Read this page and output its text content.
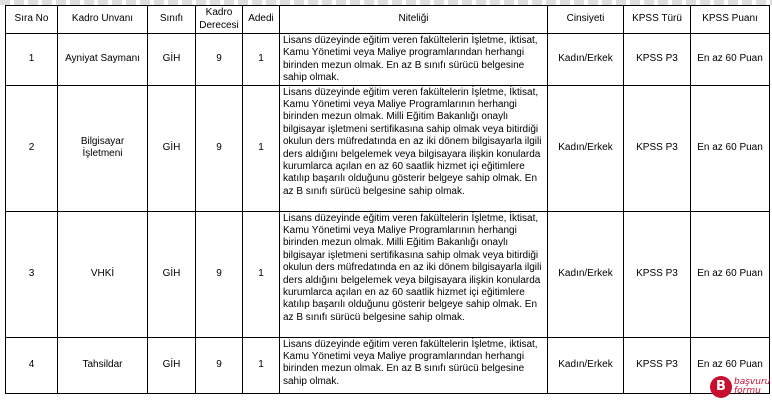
Sıra No	Kadro Unvanı	Sınıfı	Kadro Derecesi	Adedi	Niteliği	Cinsiyeti	KPSS Türü	KPSS Puanı
1	Ayniyat Saymanı	GİH	9	1	Lisans düzeyinde eğitim veren fakültelerin İşletme, iktisat, Kamu Yönetimi veya Maliye programlarından herhangi birinden mezun olmak. En az B sınıfı sürücü belgesine sahip olmak.	Kadın/Erkek	KPSS P3	En az 60 Puan
2	Bilgisayar İşletmeni	GİH	9	1	Lisans düzeyinde eğitim veren fakültelerin İşletme, İktisat, Kamu Yönetimi veya Maliye Programlarının herhangi birinden mezun olmak. Milli Eğitim Bakanlığı onaylı bilgisayar işletmeni sertifikasına sahip olmak veya bitirdiği okulun ders müfredatında en az iki dönem bilgisayarla ilgili ders aldığını belgelemek veya bilgisayara ilişkin konularda kurumlarca açılan en az 60 saatlik hizmet içi eğitimlere katılıp başarılı olduğunu gösterir belgeye sahip olmak. En az B sınıfı sürücü belgesine sahip olmak.	Kadın/Erkek	KPSS P3	En az 60 Puan
3	VHKİ	GİH	9	1	Lisans düzeyinde eğitim veren fakültelerin İşletme, İktisat, Kamu Yönetimi veya Maliye Programlarının herhangi birinden mezun olmak. Milli Eğitim Bakanlığı onaylı bilgisayar işletmeni sertifikasına sahip olmak veya bitirdiği okulun ders müfredatında en az iki dönem bilgisayarla ilgili ders aldığını belgelemek veya bilgisayara ilişkin konularda kurumlarca açılan en az 60 saatlik hizmet içi eğitimlere katılıp başarılı olduğunu gösterir belgeye sahip olmak. En az B sınıfı sürücü belgesine sahip olmak.	Kadın/Erkek	KPSS P3	En az 60 Puan
4	Tahsildar	GİH	9	1	Lisans düzeyinde eğitim veren fakültelerin İşletme, iktisat, Kamu Yönetimi veya Maliye programlarından herhangi birinden mezun olmak. En az B sınıfı sürücü belgesine sahip olmak.	Kadın/Erkek	KPSS P3	En az 60 Puan
B başvuru
formu
